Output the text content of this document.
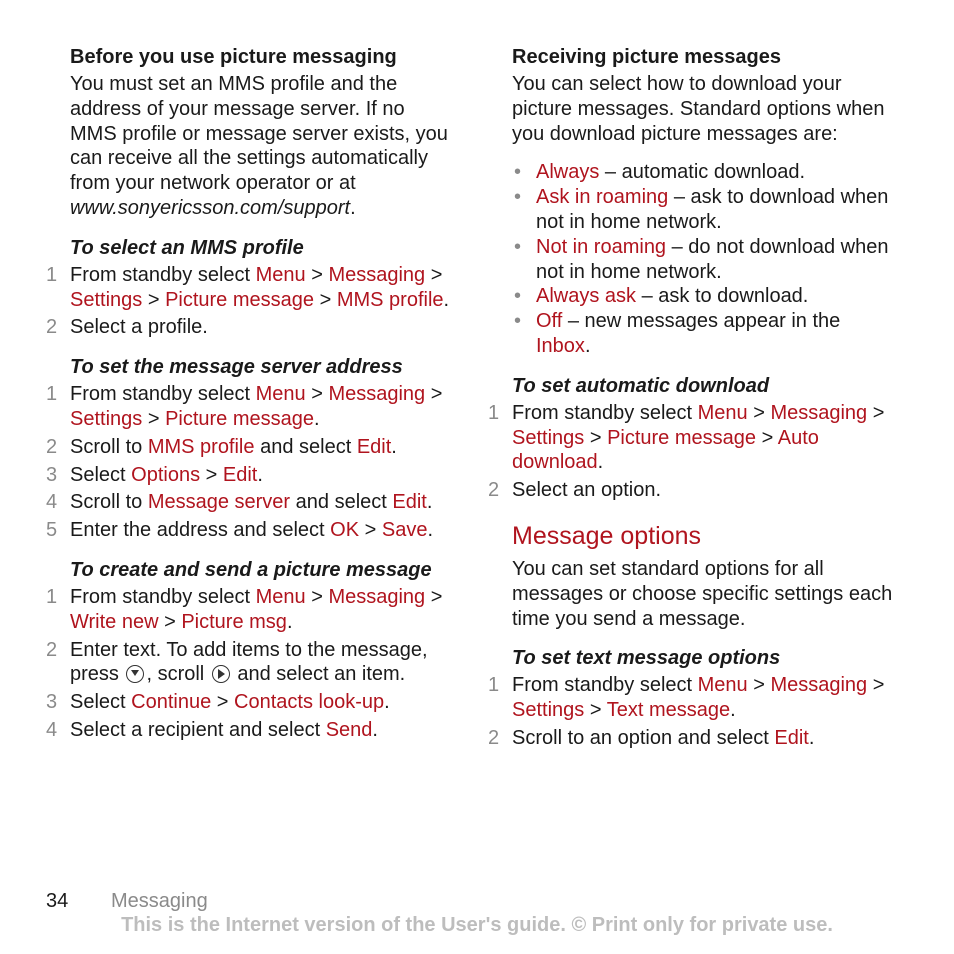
Before you use picture messaging

You must set an MMS profile and the address of your message server. If no MMS profile or message server exists, you can receive all the settings automatically from your network operator or at
www.sonyericsson.com/support.

To select an MMS profile

1 From standby select Menu > Messaging > Settings > Picture message > MMS profile.
2 Select a profile.

To set the message server address

1 From standby select Menu > Messaging > Settings > Picture message.
2 Scroll to MMS profile and select Edit.
3 Select Options > Edit.
4 Scroll to Message server and select Edit.
5 Enter the address and select OK > Save.

To create and send a picture message

1 From standby select Menu > Messaging > Write new > Picture msg.
2 Enter text. To add items to the message, press , scroll  and select an item.
3 Select Continue > Contacts look-up.
4 Select a recipient and select Send.

Receiving picture messages

You can select how to download your picture messages. Standard options when you download picture messages are:

• Always – automatic download.
• Ask in roaming – ask to download when not in home network.
• Not in roaming – do not download when not in home network.
• Always ask – ask to download.
• Off – new messages appear in the Inbox.

To set automatic download

1 From standby select Menu > Messaging > Settings > Picture message > Auto download.
2 Select an option.

Message options

You can set standard options for all messages or choose specific settings each time you send a message.

To set text message options

1 From standby select Menu > Messaging > Settings > Text message.
2 Scroll to an option and select Edit.
34 Messaging
This is the Internet version of the User's guide. © Print only for private use.
